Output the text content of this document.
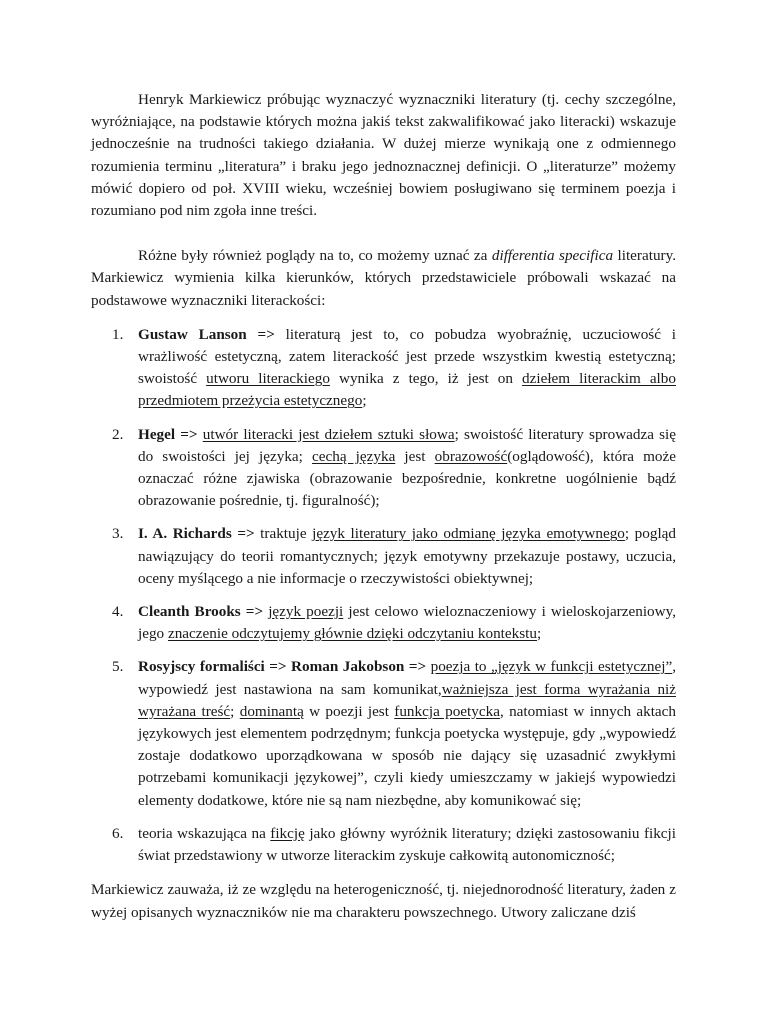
Henryk Markiewicz próbując wyznaczyć wyznaczniki literatury (tj. cechy szczególne, wyróżniające, na podstawie których można jakiś tekst zakwalifikować jako literacki) wskazuje jednocześnie na trudności takiego działania. W dużej mierze wynikają one z odmiennego rozumienia terminu „literatura” i braku jego jednoznacznej definicji. O „literaturze” możemy mówić dopiero od poł. XVIII wieku, wcześniej bowiem posługiwano się terminem poezja i rozumiano pod nim zgoła inne treści.

Różne były również poglądy na to, co możemy uznać za differentia specifica literatury. Markiewicz wymienia kilka kierunków, których przedstawiciele próbowali wskazać na podstawowe wyznaczniki literackości:

1. Gustaw Lanson => literaturą jest to, co pobudza wyobraźnię, uczuciowość i wrażliwość estetyczną, zatem literackość jest przede wszystkim kwestią estetyczną; swoistość utworu literackiego wynika z tego, iż jest on dziełem literackim albo przedmiotem przeżycia estetycznego;
2. Hegel => utwór literacki jest dziełem sztuki słowa; swoistość literatury sprowadza się do swoistości jej języka; cechą języka jest obrazowość(oglądowość), która może oznaczać różne zjawiska (obrazowanie bezpośrednie, konkretne uogólnienie bądź obrazowanie pośrednie, tj. figuralność);
3. I. A. Richards => traktuje język literatury jako odmianę języka emotywnego; pogląd nawiązujący do teorii romantycznych; język emotywny przekazuje postawy, uczucia, oceny myślącego a nie informacje o rzeczywistości obiektywnej;
4. Cleanth Brooks => język poezji jest celowo wieloznaczeniowy i wieloskojarzeniowy, jego znaczenie odczytujemy głównie dzięki odczytaniu kontekstu;
5. Rosyjscy formaliści => Roman Jakobson => poezja to „język w funkcji estetycznej”, wypowiedź jest nastawiona na sam komunikat,ważniejsza jest forma wyrażania niż wyrażana treść; dominantą w poezji jest funkcja poetycka, natomiast w innych aktach językowych jest elementem podrzędnym; funkcja poetycka występuje, gdy „wypowiedź zostaje dodatkowo uporządkowana w sposób nie dający się uzasadnić zwykłymi potrzebami komunikacji językowej”, czyli kiedy umieszczamy w jakiejś wypowiedzi elementy dodatkowe, które nie są nam niezbędne, aby komunikować się;
6. teoria wskazująca na fikcję jako główny wyróżnik literatury; dzięki zastosowaniu fikcji świat przedstawiony w utworze literackim zyskuje całkowitą autonomiczność;

Markiewicz zauważa, iż ze względu na heterogeniczność, tj. niejednorodność literatury, żaden z wyżej opisanych wyznaczników nie ma charakteru powszechnego. Utwory zaliczane dziś
